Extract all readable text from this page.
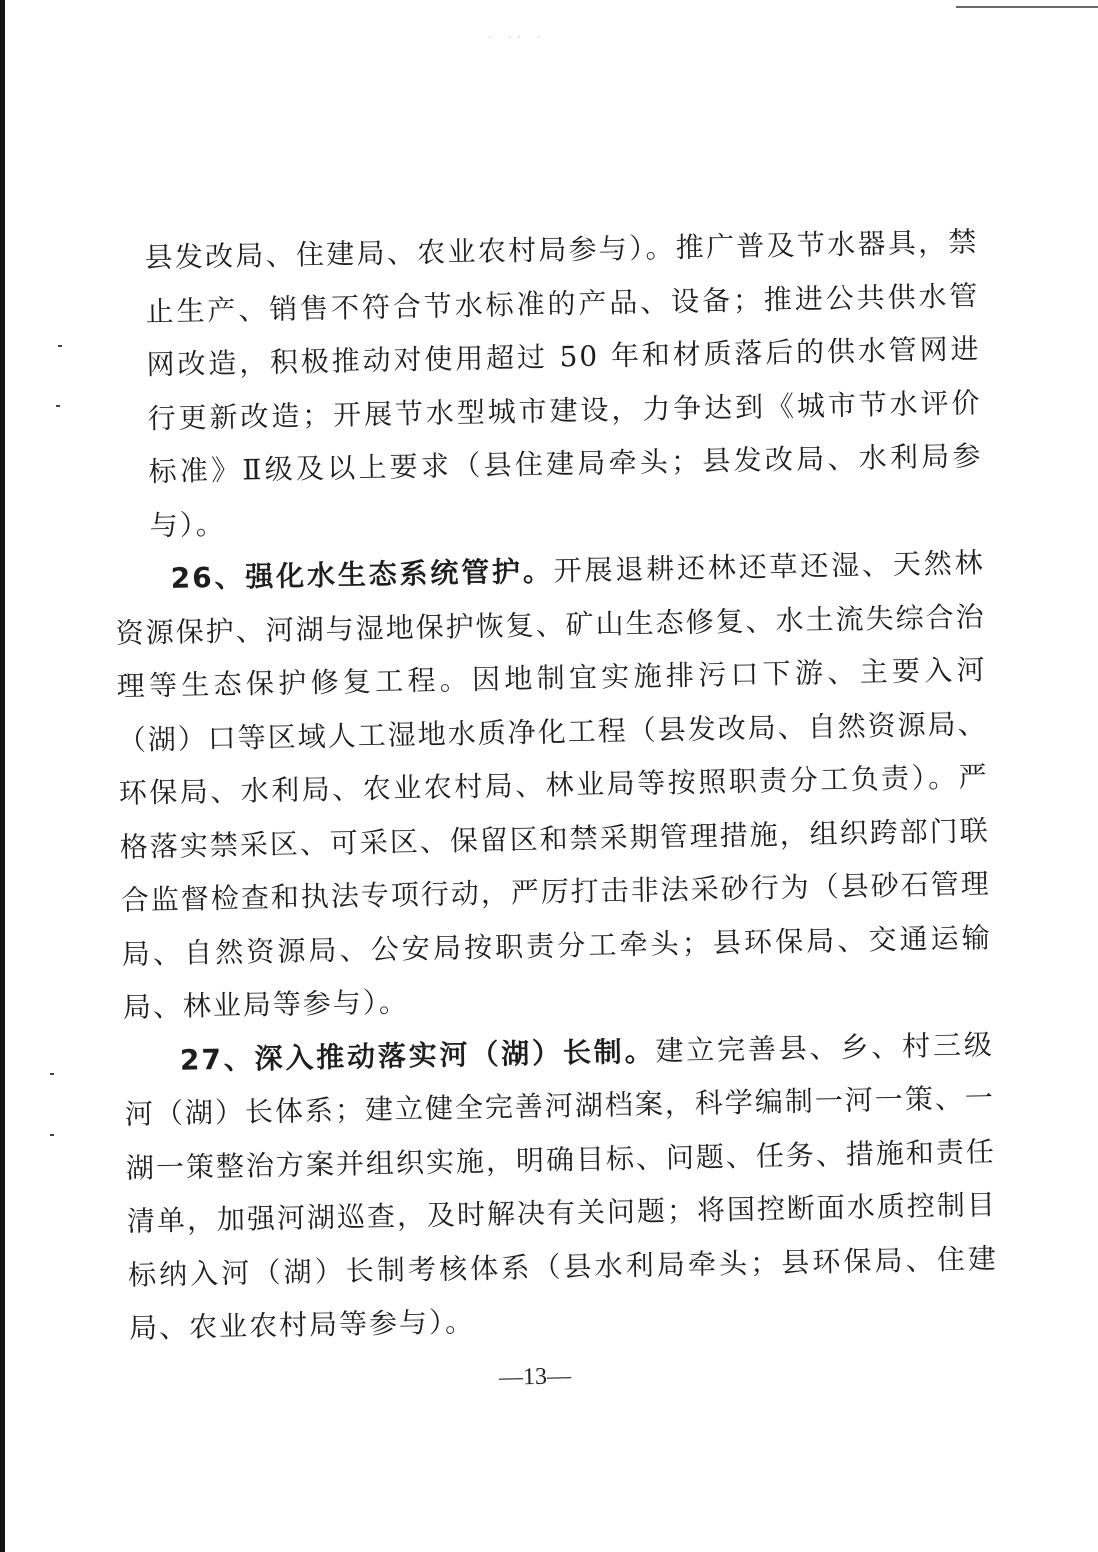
· ·· ·

县发改局、住建局、农业农村局参与）。推广普及节水器具，禁止生产、销售不符合节水标准的产品、设备；推进公共供水管网改造，积极推动对使用超过 50 年和材质落后的供水管网进行更新改造；开展节水型城市建设，力争达到《城市节水评价标准》Ⅱ级及以上要求（县住建局牵头；县发改局、水利局参与）。

26、强化水生态系统管护。开展退耕还林还草还湿、天然林资源保护、河湖与湿地保护恢复、矿山生态修复、水土流失综合治理等生态保护修复工程。因地制宜实施排污口下游、主要入河（湖）口等区域人工湿地水质净化工程（县发改局、自然资源局、环保局、水利局、农业农村局、林业局等按照职责分工负责）。严格落实禁采区、可采区、保留区和禁采期管理措施，组织跨部门联合监督检查和执法专项行动，严厉打击非法采砂行为（县砂石管理局、自然资源局、公安局按职责分工牵头；县环保局、交通运输局、林业局等参与）。

27、深入推动落实河（湖）长制。建立完善县、乡、村三级河（湖）长体系；建立健全完善河湖档案，科学编制一河一策、一湖一策整治方案并组织实施，明确目标、问题、任务、措施和责任清单，加强河湖巡查，及时解决有关问题；将国控断面水质控制目标纳入河（湖）长制考核体系（县水利局牵头；县环保局、住建局、农业农村局等参与）。

—13—
